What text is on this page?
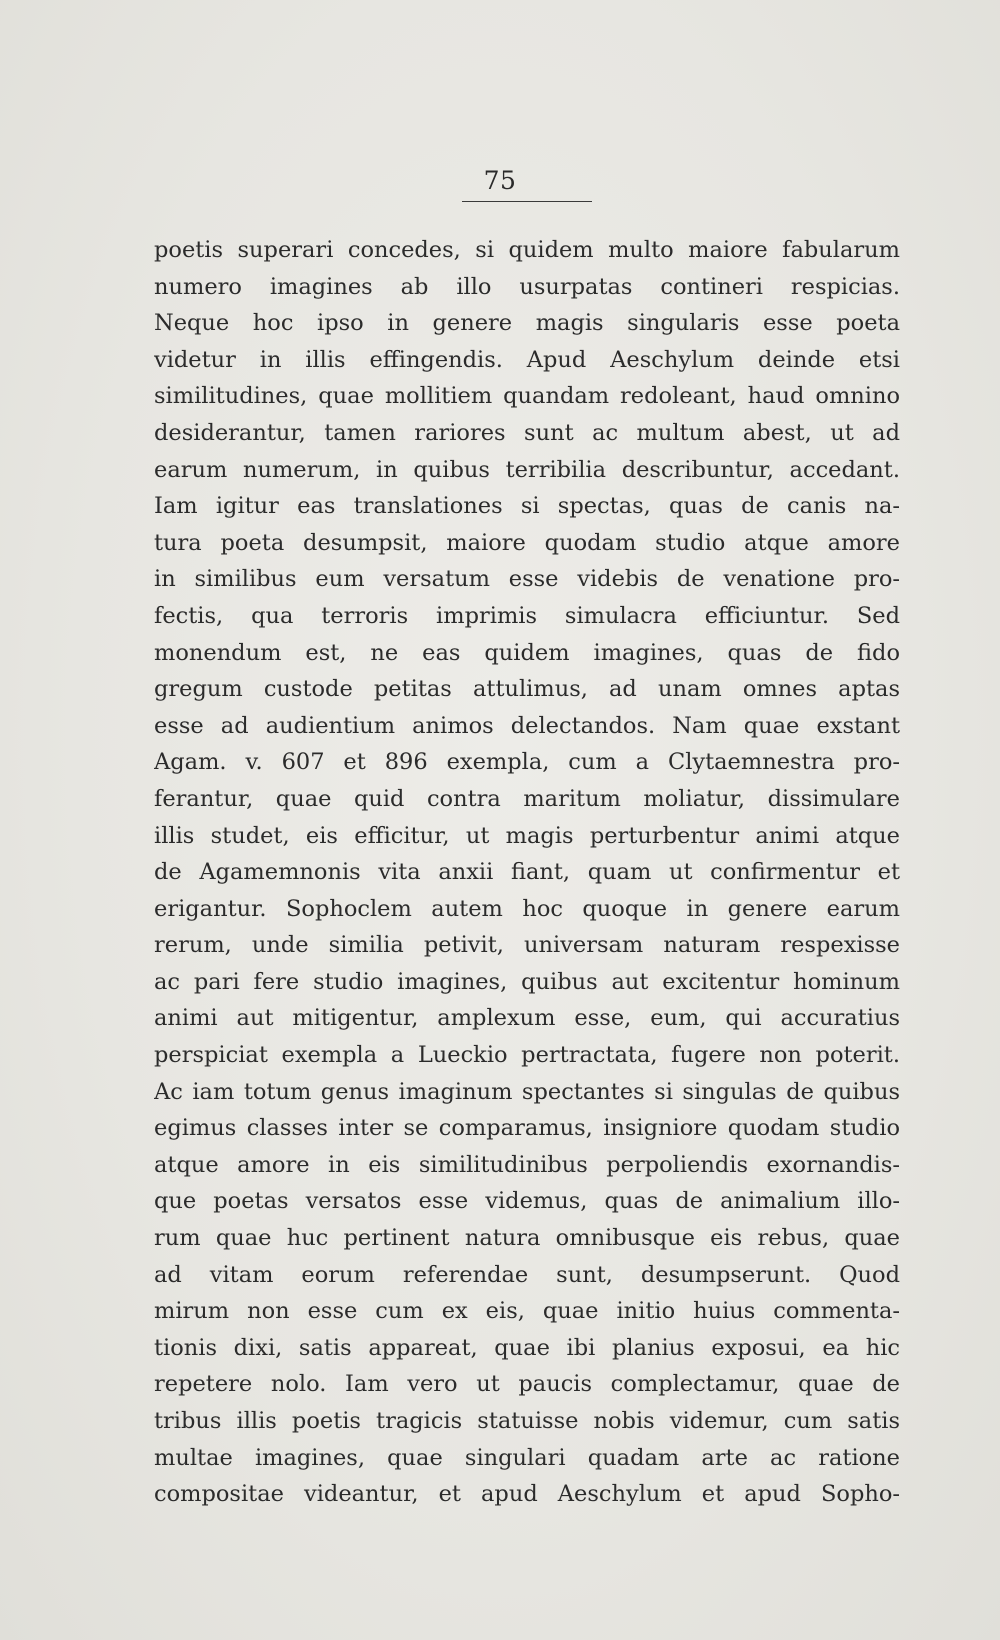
75
poetis superari concedes, si quidem multo maiore fabularum
numero imagines ab illo usurpatas contineri respicias.
Neque hoc ipso in genere magis singularis esse poeta
videtur in illis effingendis. Apud Aeschylum deinde etsi
similitudines, quae mollitiem quandam redoleant, haud omnino
desiderantur, tamen rariores sunt ac multum abest, ut ad
earum numerum, in quibus terribilia describuntur, accedant.
Iam igitur eas translationes si spectas, quas de canis na-
tura poeta desumpsit, maiore quodam studio atque amore
in similibus eum versatum esse videbis de venatione pro-
fectis, qua terroris imprimis simulacra efficiuntur. Sed
monendum est, ne eas quidem imagines, quas de fido
gregum custode petitas attulimus, ad unam omnes aptas
esse ad audientium animos delectandos. Nam quae exstant
Agam. v. 607 et 896 exempla, cum a Clytaemnestra pro-
ferantur, quae quid contra maritum moliatur, dissimulare
illis studet, eis efficitur, ut magis perturbentur animi atque
de Agamemnonis vita anxii fiant, quam ut confirmentur et
erigantur. Sophoclem autem hoc quoque in genere earum
rerum, unde similia petivit, universam naturam respexisse
ac pari fere studio imagines, quibus aut excitentur hominum
animi aut mitigentur, amplexum esse, eum, qui accuratius
perspiciat exempla a Lueckio pertractata, fugere non poterit.
Ac iam totum genus imaginum spectantes si singulas de quibus
egimus classes inter se comparamus, insigniore quodam studio
atque amore in eis similitudinibus perpoliendis exornandis-
que poetas versatos esse videmus, quas de animalium illo-
rum quae huc pertinent natura omnibusque eis rebus, quae
ad vitam eorum referendae sunt, desumpserunt. Quod
mirum non esse cum ex eis, quae initio huius commenta-
tionis dixi, satis appareat, quae ibi planius exposui, ea hic
repetere nolo. Iam vero ut paucis complectamur, quae de
tribus illis poetis tragicis statuisse nobis videmur, cum satis
multae imagines, quae singulari quadam arte ac ratione
compositae videantur, et apud Aeschylum et apud Sopho-
